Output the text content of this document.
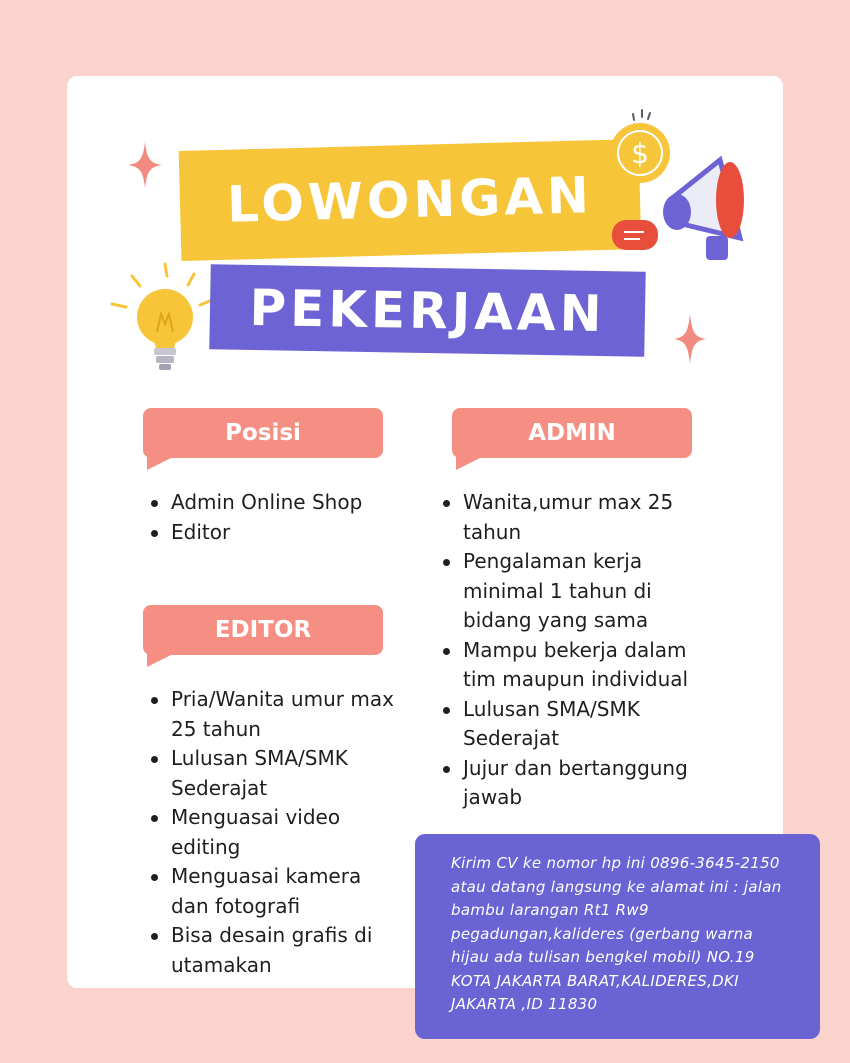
LOWONGAN
PEKERJAAN
$
Posisi	ADMIN
EDITOR
Admin Online Shop
Editor
Pria/Wanita umur max 25 tahun
Lulusan SMA/SMK Sederajat
Menguasai video editing
Menguasai kamera dan fotografi
Bisa desain grafis di utamakan
Wanita,umur max 25 tahun
Pengalaman kerja minimal 1 tahun di bidang yang sama
Mampu bekerja dalam tim maupun individual
Lulusan SMA/SMK Sederajat
Jujur dan bertanggung jawab
Kirim CV ke nomor hp ini 0896-3645-2150 atau datang langsung ke alamat ini : jalan bambu larangan Rt1 Rw9 pegadungan,kalideres (gerbang warna hijau ada tulisan bengkel mobil) NO.19 KOTA JAKARTA BARAT,KALIDERES,DKI JAKARTA ,ID 11830
